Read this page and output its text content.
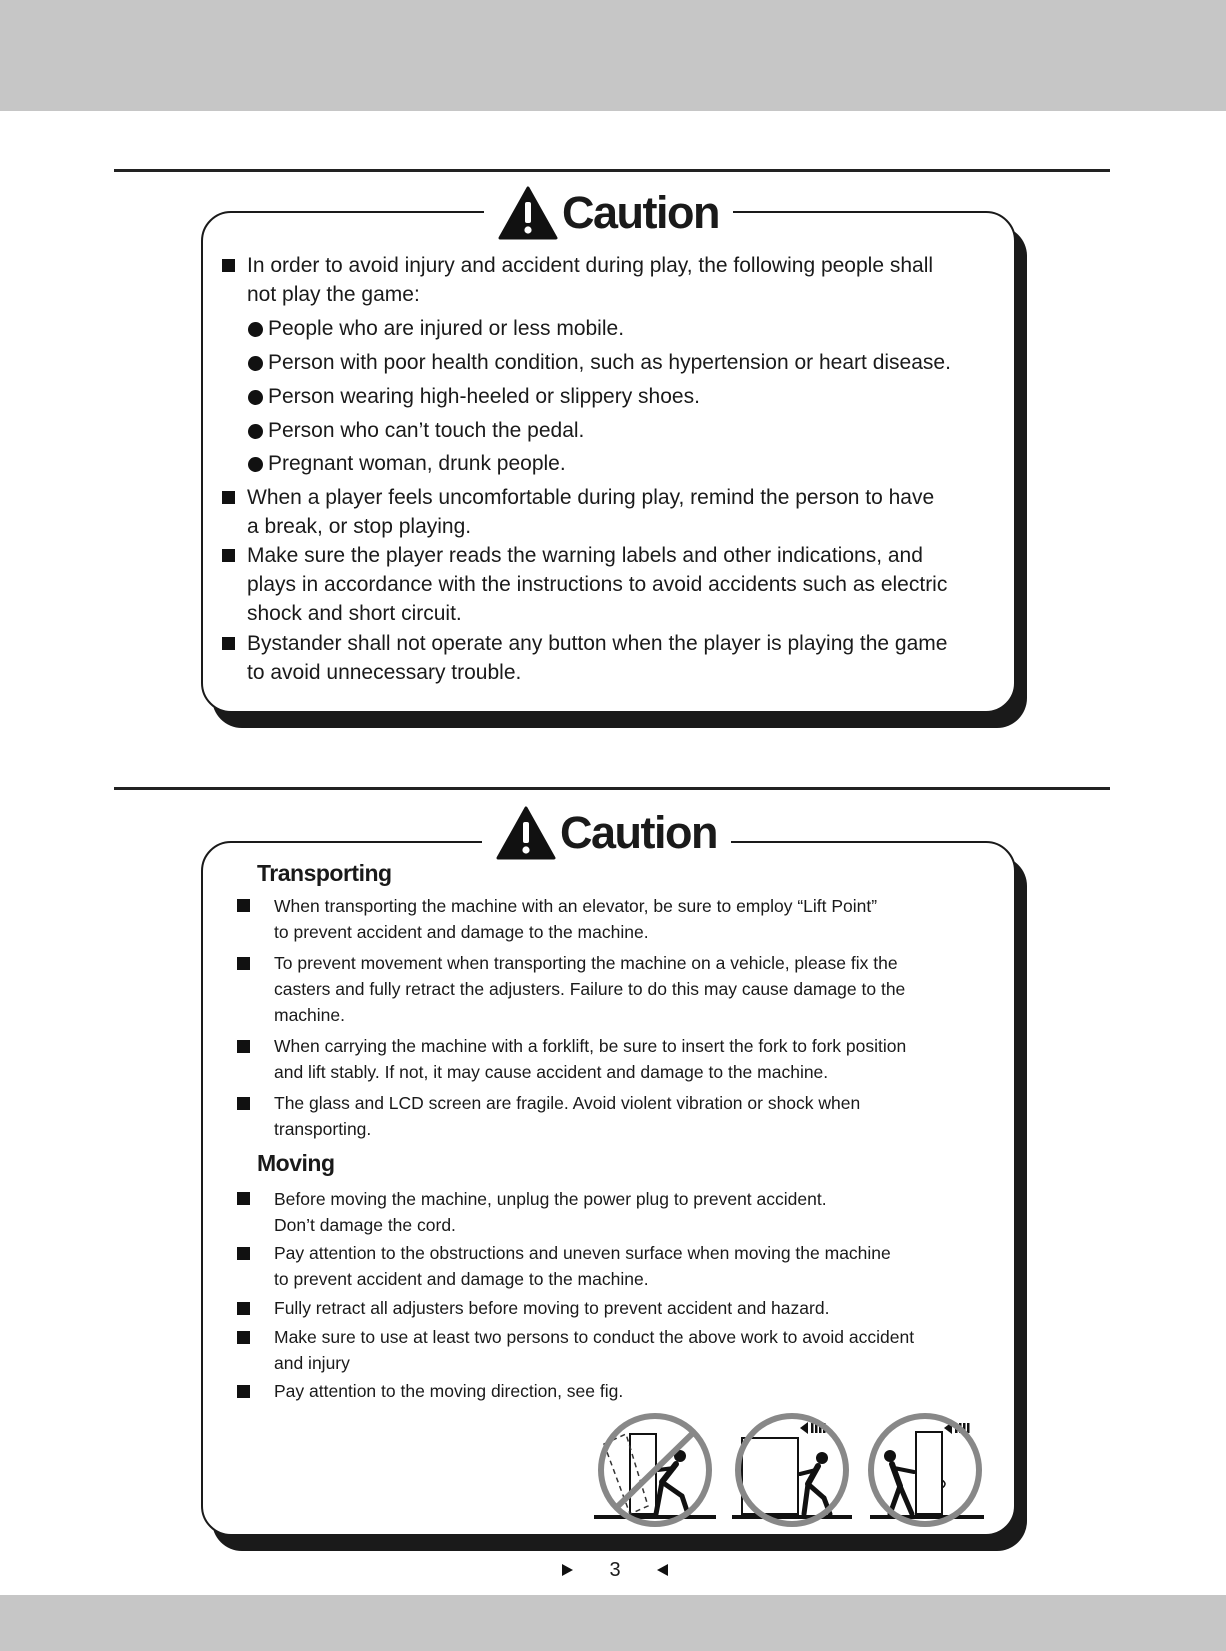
Caution
In order to avoid injury and accident during play, the following people shall
not play the game:
People who are injured or less mobile.
Person with poor health condition, such as hypertension or heart disease.
Person wearing high-heeled or slippery shoes.
Person who can’t touch the pedal.
Pregnant woman, drunk people.
When a player feels uncomfortable during play, remind the person to have
a break, or stop playing.
Make sure the player reads the warning labels and other indications, and
plays in accordance with the instructions to avoid accidents such as electric
shock and short circuit.
Bystander shall not operate any button when the player is playing the game
to avoid unnecessary trouble.
Caution
Transporting
When transporting the machine with an elevator, be sure to employ “Lift Point”
to prevent accident and damage to the machine.
To prevent movement when transporting the machine on a vehicle, please fix the
casters and fully retract the adjusters. Failure to do this may cause damage to the
machine.
When carrying the machine with a forklift, be sure to insert the fork to fork position
and lift stably. If not, it may cause accident and damage to the machine.
The glass and LCD screen are fragile. Avoid violent vibration or shock when
transporting.
Moving
Before moving the machine, unplug the power plug to prevent accident.
Don’t damage the cord.
Pay attention to the obstructions and uneven surface when moving the machine
to prevent accident and damage to the machine.
Fully retract all adjusters before moving to prevent accident and hazard.
Make sure to use at least two persons to conduct the above work to avoid accident
and injury
Pay attention to the moving direction, see fig.
3
